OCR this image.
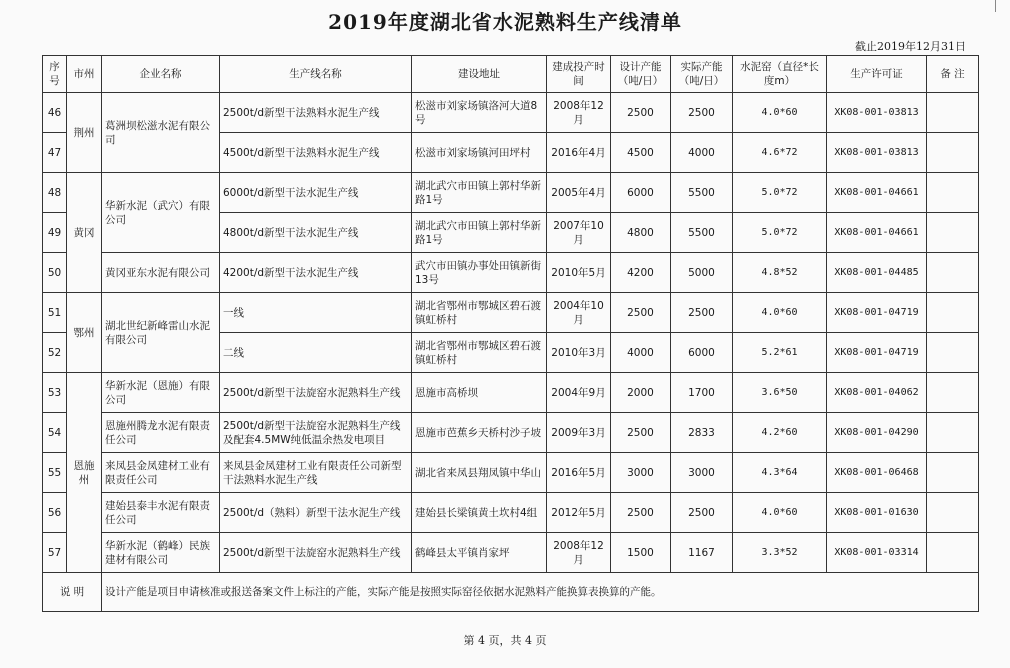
2019年度湖北省水泥熟料生产线清单
截止2019年12月31日
序号	市州	企业名称	生产线名称	建设地址	建成投产时间	设计产能（吨/日）	实际产能（吨/日）	水泥窑（直径*长度m）	生产许可证	备 注
46	荆州	葛洲坝松滋水泥有限公司	2500t/d新型干法熟料水泥生产线	松滋市刘家场镇洛河大道8号	2008年12月	2500	2500	4.0*60	XK08-001-03813	
47			4500t/d新型干法熟料水泥生产线	松滋市刘家场镇河田坪村	2016年4月	4500	4000	4.6*72	XK08-001-03813	
48	黄冈	华新水泥（武穴）有限公司	6000t/d新型干法水泥生产线	湖北武穴市田镇上郭村华新路1号	2005年4月	6000	5500	5.0*72	XK08-001-04661	
49			4800t/d新型干法水泥生产线	湖北武穴市田镇上郭村华新路1号	2007年10月	4800	5500	5.0*72	XK08-001-04661	
50		黄冈亚东水泥有限公司	4200t/d新型干法水泥生产线	武穴市田镇办事处田镇新街13号	2010年5月	4200	5000	4.8*52	XK08-001-04485	
51	鄂州	湖北世纪新峰雷山水泥有限公司	一线	湖北省鄂州市鄂城区碧石渡镇虹桥村	2004年10月	2500	2500	4.0*60	XK08-001-04719	
52			二线	湖北省鄂州市鄂城区碧石渡镇虹桥村	2010年3月	4000	6000	5.2*61	XK08-001-04719	
53	恩施州	华新水泥（恩施）有限公司	2500t/d新型干法旋窑水泥熟料生产线	恩施市高桥坝	2004年9月	2000	1700	3.6*50	XK08-001-04062	
54		恩施州腾龙水泥有限责任公司	2500t/d新型干法旋窑水泥熟料生产线及配套4.5MW纯低温余热发电项目	恩施市芭蕉乡天桥村沙子坡	2009年3月	2500	2833	4.2*60	XK08-001-04290	
55		来凤县金凤建材工业有限责任公司	来凤县金凤建材工业有限责任公司新型干法熟料水泥生产线	湖北省来凤县翔凤镇中华山	2016年5月	3000	3000	4.3*64	XK08-001-06468	
56		建始县泰丰水泥有限责任公司	2500t/d（熟料）新型干法水泥生产线	建始县长梁镇黄土坎村4组	2012年5月	2500	2500	4.0*60	XK08-001-01630	
57		华新水泥（鹤峰）民族建材有限公司	2500t/d新型干法旋窑水泥熟料生产线	鹤峰县太平镇肖家坪	2008年12月	1500	1167	3.3*52	XK08-001-03314	
说 明		设计产能是项目申请核准或报送备案文件上标注的产能，实际产能是按照实际窑径依据水泥熟料产能换算表换算的产能。								
第 4 页，共 4 页
